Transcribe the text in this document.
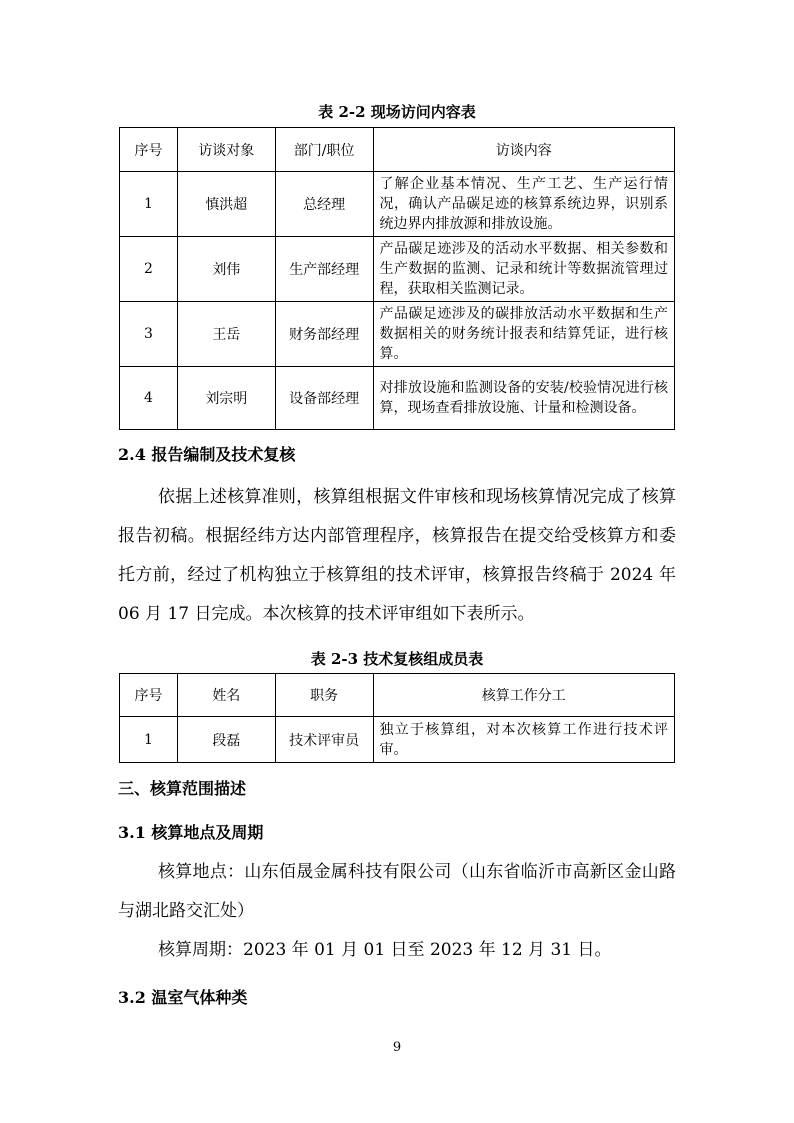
表 2-2 现场访问内容表
序号	访谈对象	部门/职位	访谈内容
1	慎洪超	总经理	了解企业基本情况、生产工艺、生产运行情况，确认产品碳足迹的核算系统边界，识别系统边界内排放源和排放设施。
2	刘伟	生产部经理	产品碳足迹涉及的活动水平数据、相关参数和生产数据的监测、记录和统计等数据流管理过程，获取相关监测记录。
3	王岳	财务部经理	产品碳足迹涉及的碳排放活动水平数据和生产数据相关的财务统计报表和结算凭证，进行核算。
4	刘宗明	设备部经理	对排放设施和监测设备的安装/校验情况进行核算，现场查看排放设施、计量和检测设备。
2.4 报告编制及技术复核

依据上述核算准则，核算组根据文件审核和现场核算情况完成了核算报告初稿。根据经纬方达内部管理程序，核算报告在提交给受核算方和委托方前，经过了机构独立于核算组的技术评审，核算报告终稿于 2024 年 06 月 17 日完成。本次核算的技术评审组如下表所示。

表 2-3 技术复核组成员表
序号	姓名	职务	核算工作分工
1	段磊	技术评审员	独立于核算组，对本次核算工作进行技术评审。
三、核算范围描述
3.1 核算地点及周期

核算地点：山东佰晟金属科技有限公司（山东省临沂市高新区金山路与湖北路交汇处）

核算周期：2023 年 01 月 01 日至 2023 年 12 月 31 日。

3.2 温室气体种类
9
